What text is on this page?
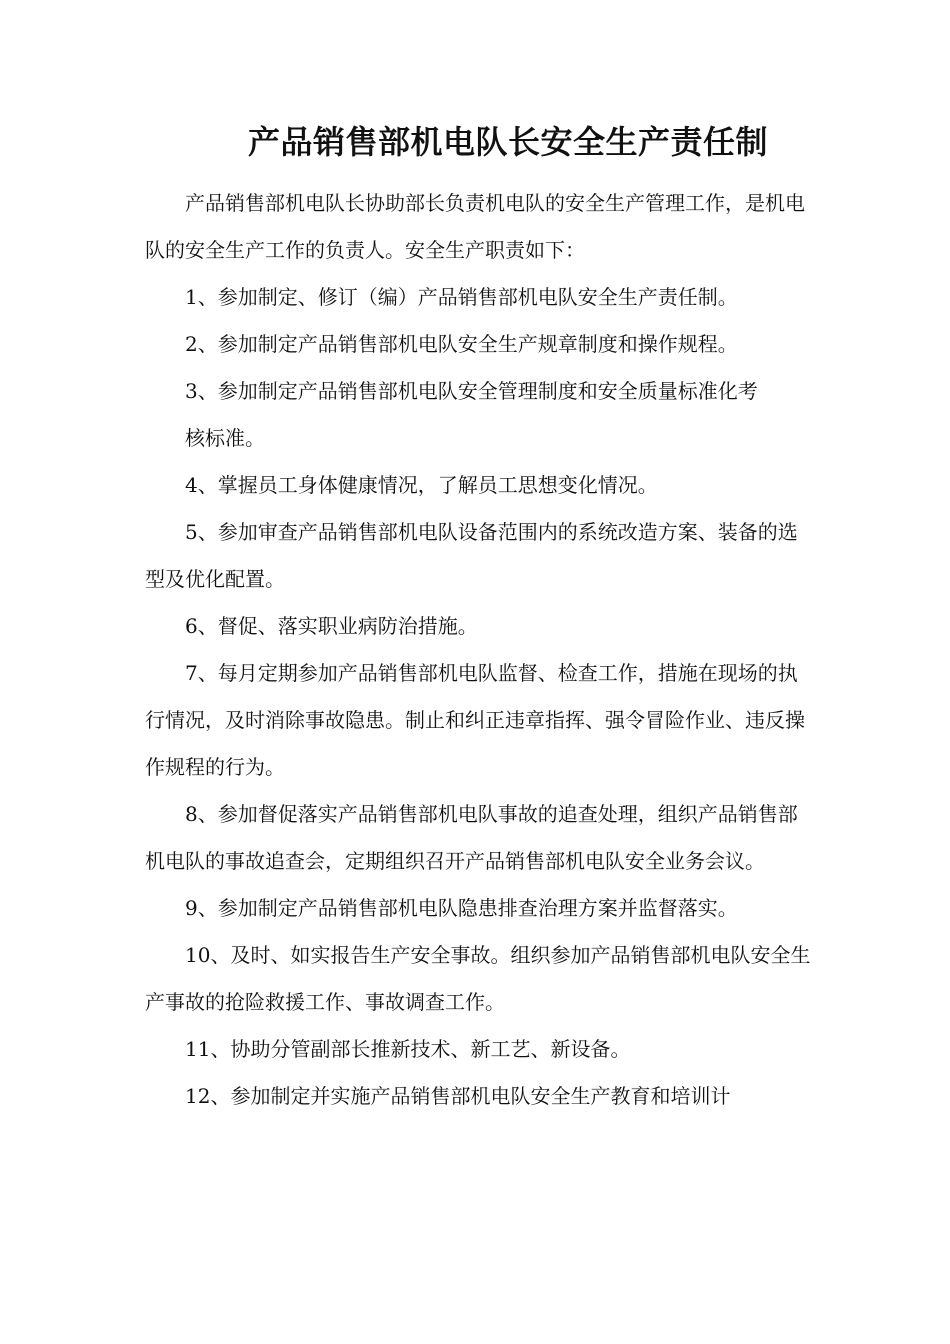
产品销售部机电队长安全生产责任制

产品销售部机电队长协助部长负责机电队的安全生产管理工作，是机电队的安全生产工作的负责人。安全生产职责如下：

1、参加制定、修订（编）产品销售部机电队安全生产责任制。

2、参加制定产品销售部机电队安全生产规章制度和操作规程。

3、参加制定产品销售部机电队安全管理制度和安全质量标准化考

核标准。

4、掌握员工身体健康情况，了解员工思想变化情况。

5、参加审查产品销售部机电队设备范围内的系统改造方案、装备的选型及优化配置。

6、督促、落实职业病防治措施。

7、每月定期参加产品销售部机电队监督、检查工作，措施在现场的执行情况，及时消除事故隐患。制止和纠正违章指挥、强令冒险作业、违反操作规程的行为。

8、参加督促落实产品销售部机电队事故的追查处理，组织产品销售部机电队的事故追查会，定期组织召开产品销售部机电队安全业务会议。

9、参加制定产品销售部机电队隐患排查治理方案并监督落实。

10、及时、如实报告生产安全事故。组织参加产品销售部机电队安全生产事故的抢险救援工作、事故调查工作。

11、协助分管副部长推新技术、新工艺、新设备。

12、参加制定并实施产品销售部机电队安全生产教育和培训计
